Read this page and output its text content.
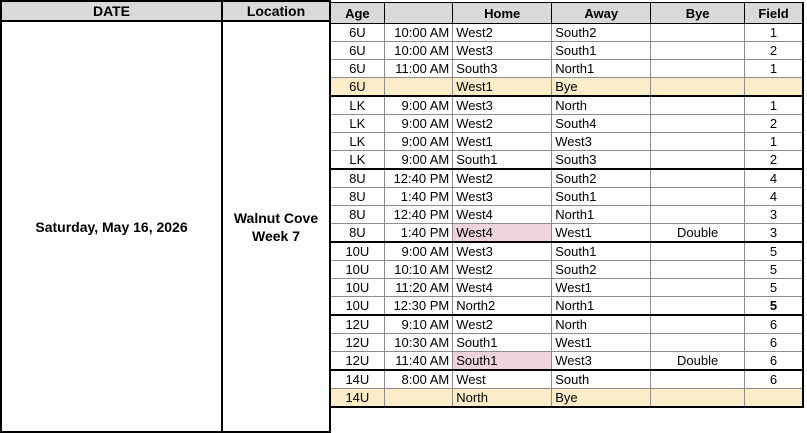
DATE	Location
Saturday, May 16, 2026
Walnut Cove
Week 7
Age		Home	Away	Bye	Field
6U	10:00 AM	West2	South2		1
6U	10:00 AM	West3	South1		2
6U	11:00 AM	South3	North1		1
6U		West1	Bye		
LK	9:00 AM	West3	North		1
LK	9:00 AM	West2	South4		2
LK	9:00 AM	West1	West3		1
LK	9:00 AM	South1	South3		2
8U	12:40 PM	West2	South2		4
8U	1:40 PM	West3	South1		4
8U	12:40 PM	West4	North1		3
8U	1:40 PM	West4	West1	Double	3
10U	9:00 AM	West3	South1		5
10U	10:10 AM	West2	South2		5
10U	11:20 AM	West4	West1		5
10U	12:30 PM	North2	North1		5
12U	9:10 AM	West2	North		6
12U	10:30 AM	South1	West1		6
12U	11:40 AM	South1	West3	Double	6
14U	8:00 AM	West	South		6
14U		North	Bye		
